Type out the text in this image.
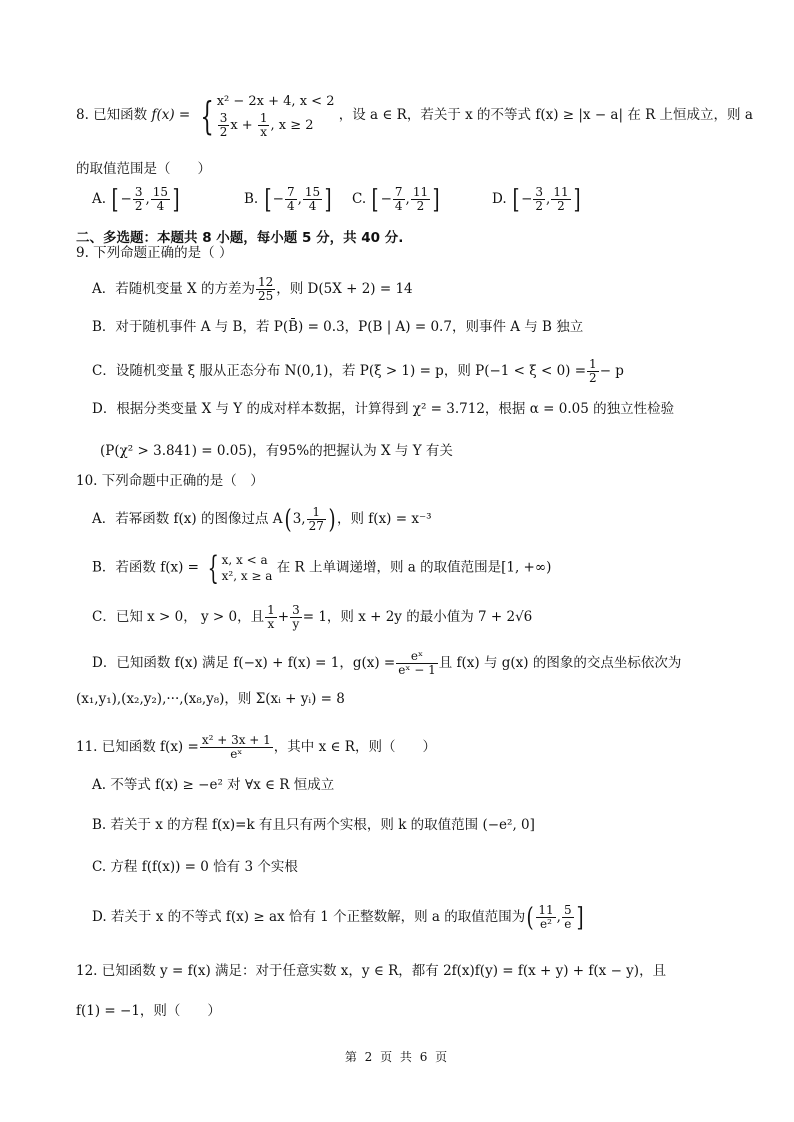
8. 已知函数 f(x) = { x² − 2x + 4, x < 2
$\frac{3}{2}$ $x + \frac{1}{x}$ , x ≥ 2
，设 a ∈ R，若关于 x 的不等式 f(x) ≥ |x − a| 在 R 上恒成立，则 a
的取值范围是（　　）
A. [ − $\frac{3}{2}$ , $\frac{15}{4}$ ]	B. [ − $\frac{7}{4}$ , $\frac{15}{4}$ ] C. [ − $\frac{7}{4}$ , $\frac{11}{2}$ ]	D. [ − $\frac{3}{2}$ , $\frac{11}{2}$ ]
二、多选题：本题共 8 小题，每小题 5 分，共 40 分.
9. 下列命题正确的是（ ）
A．若随机变量 X 的方差为 $\frac{12}{25}$ ，则 D(5X + 2) = 14
B．对于随机事件 A 与 B，若 P(B̄) = 0.3，P(B | A) = 0.7，则事件 A 与 B 独立
C．设随机变量 ξ 服从正态分布 N(0,1)，若 P(ξ > 1) = p，则 $P(-1 < \xi < 0) = \frac{1}{2} - p$
D．根据分类变量 X 与 Y 的成对样本数据，计算得到 χ² = 3.712，根据 α = 0.05 的独立性检验
(P(χ² > 3.841) = 0.05)，有95%的把握认为 X 与 Y 有关
10. 下列命题中正确的是（　）
A．若幂函数 f(x) 的图像过点 A( 3, $\frac{1}{27}$ ) ，则 f(x) = x⁻³
B．若函数 f(x) = { x, x < a
x², x ≥ a
在 R 上单调递增，则 a 的取值范围是[1, +∞)
C．已知 x > 0， y > 0，且 $\frac{1}{x} + \frac{3}{y} = 1$，则 x + 2y 的最小值为 7 + 2√6
D．已知函数 f(x) 满足 f(−x) + f(x) = 1，$g(x) = \frac{\text{eˣ}}{\text{eˣ − 1}}$ 且 f(x) 与 g(x) 的图象的交点坐标依次为
(x₁,y₁),(x₂,y₂),···,(x₈,y₈)，则 Σ(xᵢ + yᵢ) = 8
11. 已知函数 $f(x) = \frac{\text{x² + 3x + 1}}{\text{eˣ}}$ ，其中 x ∈ R，则（　　）
A. 不等式 f(x) ≥ −e² 对 ∀x ∈ R 恒成立
B. 若关于 x 的方程 f(x)=k 有且只有两个实根，则 k 的取值范围 (−e², 0]
C. 方程 f(f(x)) = 0 恰有 3 个实根
D. 若关于 x 的不等式 f(x) ≥ ax 恰有 1 个正整数解，则 a 的取值范围为( $\frac{11}{\text{e²}}$ , $\frac{5}{e}$ ]
12. 已知函数 y = f(x) 满足：对于任意实数 x，y ∈ R，都有 2f(x)f(y) = f(x + y) + f(x − y)，且
f(1) = −1，则（　　）
第 2 页 共 6 页
